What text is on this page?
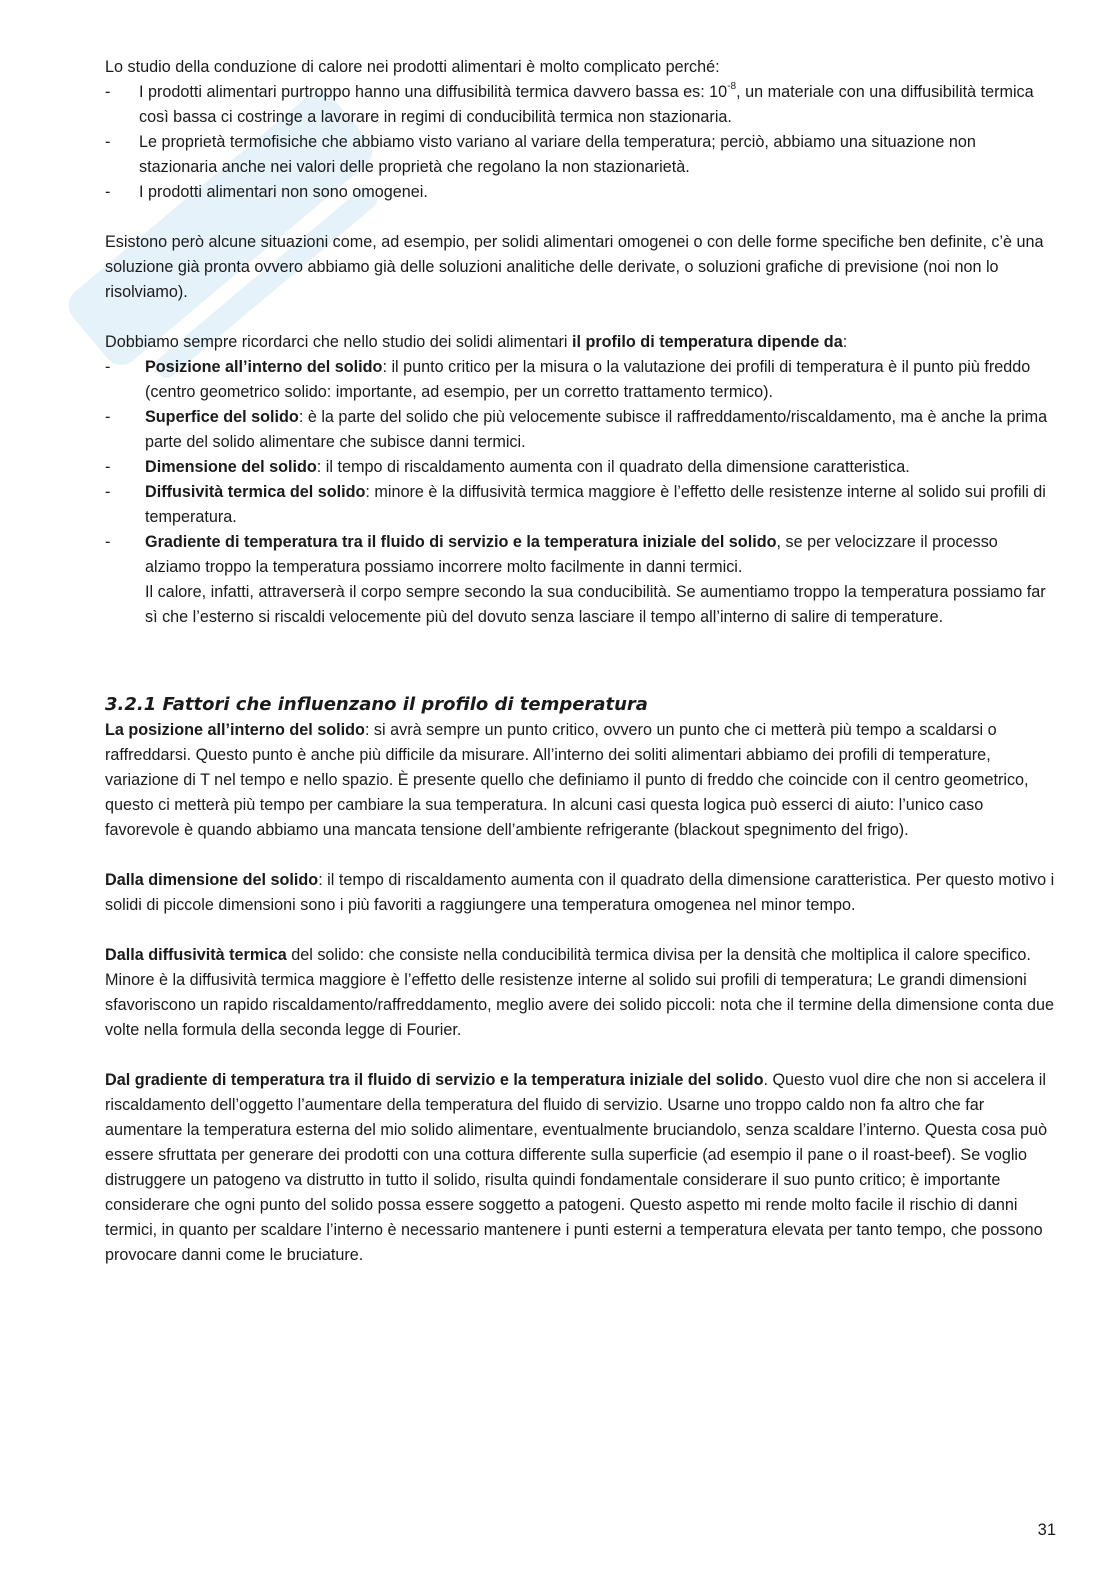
Lo studio della conduzione di calore nei prodotti alimentari è molto complicato perché:

- I prodotti alimentari purtroppo hanno una diffusibilità termica davvero bassa es: $10^{-8}$, un materiale con una diffusibilità termica così bassa ci costringe a lavorare in regimi di conducibilità termica non stazionaria.
- Le proprietà termofisiche che abbiamo visto variano al variare della temperatura; perciò, abbiamo una situazione non stazionaria anche nei valori delle proprietà che regolano la non stazionarietà.
- I prodotti alimentari non sono omogenei.

Esistono però alcune situazioni come, ad esempio, per solidi alimentari omogenei o con delle forme specifiche ben definite, c’è una soluzione già pronta ovvero abbiamo già delle soluzioni analitiche delle derivate, o soluzioni grafiche di previsione (noi non lo risolviamo).

Dobbiamo sempre ricordarci che nello studio dei solidi alimentari il profilo di temperatura dipende da:

- Posizione all’interno del solido: il punto critico per la misura o la valutazione dei profili di temperatura è il punto più freddo (centro geometrico solido: importante, ad esempio, per un corretto trattamento termico).
- Superfice del solido: è la parte del solido che più velocemente subisce il raffreddamento/riscaldamento, ma è anche la prima parte del solido alimentare che subisce danni termici.
- Dimensione del solido: il tempo di riscaldamento aumenta con il quadrato della dimensione caratteristica.
- Diffusività termica del solido: minore è la diffusività termica maggiore è l’effetto delle resistenze interne al solido sui profili di temperatura.
- Gradiente di temperatura tra il fluido di servizio e la temperatura iniziale del solido, se per velocizzare il processo alziamo troppo la temperatura possiamo incorrere molto facilmente in danni termici.
Il calore, infatti, attraverserà il corpo sempre secondo la sua conducibilità. Se aumentiamo troppo la temperatura possiamo far sì che l’esterno si riscaldi velocemente più del dovuto senza lasciare il tempo all’interno di salire di temperature.
3.2.1 Fattori che influenzano il profilo di temperatura

La posizione all’interno del solido: si avrà sempre un punto critico, ovvero un punto che ci metterà più tempo a scaldarsi o raffreddarsi. Questo punto è anche più difficile da misurare. All’interno dei soliti alimentari abbiamo dei profili di temperature, variazione di T nel tempo e nello spazio. È presente quello che definiamo il punto di freddo che coincide con il centro geometrico, questo ci metterà più tempo per cambiare la sua temperatura. In alcuni casi questa logica può esserci di aiuto: l’unico caso favorevole è quando abbiamo una mancata tensione dell’ambiente refrigerante (blackout spegnimento del frigo).

Dalla dimensione del solido: il tempo di riscaldamento aumenta con il quadrato della dimensione caratteristica. Per questo motivo i solidi di piccole dimensioni sono i più favoriti a raggiungere una temperatura omogenea nel minor tempo.

Dalla diffusività termica del solido: che consiste nella conducibilità termica divisa per la densità che moltiplica il calore specifico. Minore è la diffusività termica maggiore è l’effetto delle resistenze interne al solido sui profili di temperatura; Le grandi dimensioni sfavoriscono un rapido riscaldamento/raffreddamento, meglio avere dei solido piccoli: nota che il termine della dimensione conta due volte nella formula della seconda legge di Fourier.

Dal gradiente di temperatura tra il fluido di servizio e la temperatura iniziale del solido. Questo vuol dire che non si accelera il riscaldamento dell’oggetto l’aumentare della temperatura del fluido di servizio. Usarne uno troppo caldo non fa altro che far aumentare la temperatura esterna del mio solido alimentare, eventualmente bruciandolo, senza scaldare l’interno. Questa cosa può essere sfruttata per generare dei prodotti con una cottura differente sulla superficie (ad esempio il pane o il roast-beef). Se voglio distruggere un patogeno va distrutto in tutto il solido, risulta quindi fondamentale considerare il suo punto critico; è importante considerare che ogni punto del solido possa essere soggetto a patogeni. Questo aspetto mi rende molto facile il rischio di danni termici, in quanto per scaldare l’interno è necessario mantenere i punti esterni a temperatura elevata per tanto tempo, che possono provocare danni come le bruciature.

31
